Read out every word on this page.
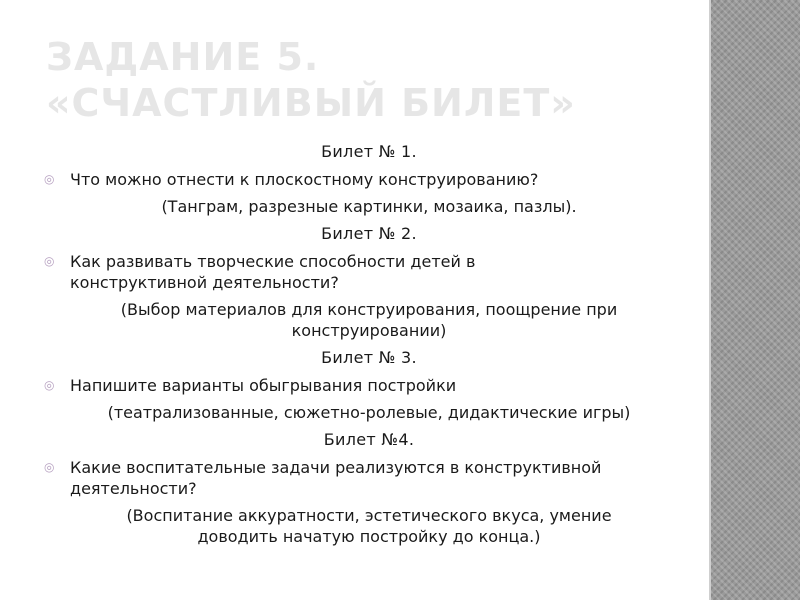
ЗАДАНИЕ 5. «СЧАСТЛИВЫЙ БИЛЕТ»

Билет № 1.

◎ Что можно отнести к плоскостному конструированию?

(Танграм, разрезные картинки, мозаика, пазлы).

Билет № 2.

◎ Как развивать творческие способности детей в конструктивной деятельности?

(Выбор материалов для конструирования, поощрение при конструировании)

Билет № 3.

◎ Напишите варианты обыгрывания постройки

(театрализованные, сюжетно-ролевые, дидактические игры)

Билет №4.

◎ Какие воспитательные задачи реализуются в конструктивной деятельности?

(Воспитание аккуратности, эстетического вкуса, умение доводить начатую постройку до конца.)
